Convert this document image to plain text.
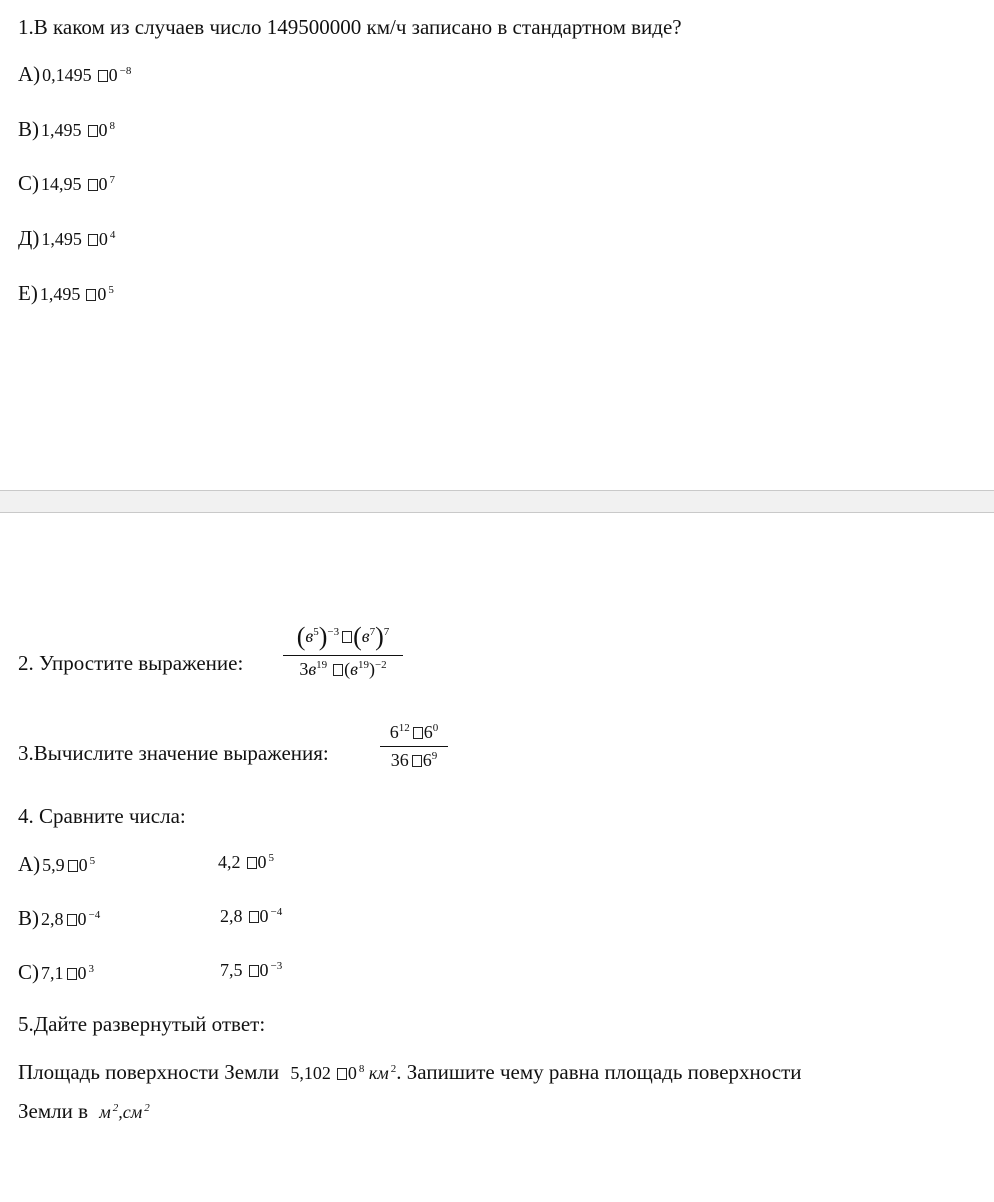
1.В каком из случаев число 149500000 км/ч записано в стандартном виде?
А) 0,1495 0 $^{-8}$
В) 1,495 0 $^8$
С) 14,95 0 $^7$
Д) 1,495 0 $^4$
Е) 1,495 0 $^5$
2. Упростите выражение:
$(в^5)^{-3}$ $(в^7)^7$
$3в^{19}$ $(в^{19})^{-2}$
3.Вычислите значение выражения:
$6^{12}$ $6^0$
36 $6^9$
4. Сравните числа:
А) 5,9 0 $^5$	4,2 0 $^5$
В) 2,8 0 $^{-4}$	2,8 0 $^{-4}$
С) 7,1 0 $^3$	7,5 0 $^{-3}$
5.Дайте развернутый ответ:
Площадь поверхности Земли 5,102 0 $^8$ км $^2$. Запишите чему равна площадь поверхности
Земли в м $^2$,см $^2$
